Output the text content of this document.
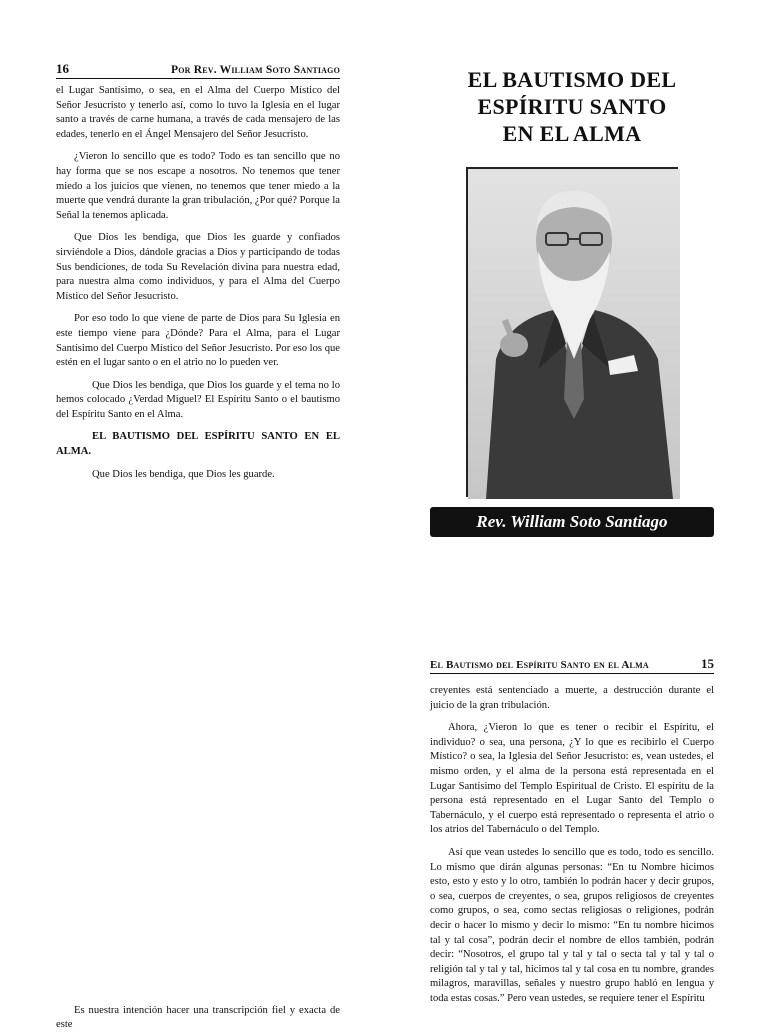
16	Por Rev. William Soto Santiago

el Lugar Santísimo, o sea, en el Alma del Cuerpo Místico del Señor Jesucristo y tenerlo así, como lo tuvo la Iglesia en el lugar santo a través de carne humana, a través de cada mensajero de las edades, tenerlo en el Ángel Mensajero del Señor Jesucristo.

¿Vieron lo sencillo que es todo? Todo es tan sencillo que no hay forma que se nos escape a nosotros. No tenemos que tener miedo a los juicios que vienen, no tenemos que tener miedo a la muerte que vendrá durante la gran tribulación, ¿Por qué? Porque la Señal la tenemos aplicada.

Que Dios les bendiga, que Dios les guarde y confiados sirviéndole a Dios, dándole gracias a Dios y participando de todas Sus bendiciones, de toda Su Revelación divina para nuestra edad, para nuestra alma como individuos, y para el Alma del Cuerpo Místico del Señor Jesucristo.

Por eso todo lo que viene de parte de Dios para Su Iglesia en este tiempo viene para ¿Dónde? Para el Alma, para el Lugar Santísimo del Cuerpo Místico del Señor Jesucristo. Por eso los que estén en el lugar santo o en el atrio no lo pueden ver.

Que Dios les bendiga, que Dios los guarde y el tema no lo hemos colocado ¿Verdad Miguel? El Espíritu Santo o el bautismo del Espíritu Santo en el Alma.

EL BAUTISMO DEL ESPÍRITU SANTO EN EL ALMA.

Que Dios les bendiga, que Dios les guarde.

Es nuestra intención hacer una transcripción fiel y exacta de este
EL BAUTISMO DEL
ESPÍRITU SANTO
EN EL ALMA
Rev. William Soto Santiago
El Bautismo del Espíritu Santo en el Alma	15

creyentes está sentenciado a muerte, a destrucción durante el juicio de la gran tribulación.

Ahora, ¿Vieron lo que es tener o recibir el Espíritu, el individuo? o sea, una persona, ¿Y lo que es recibirlo el Cuerpo Místico? o sea, la Iglesia del Señor Jesucristo: es, vean ustedes, el mismo orden, y el alma de la persona está representada en el Lugar Santísimo del Templo Espiritual de Cristo. El espíritu de la persona está representado en el Lugar Santo del Templo o Tabernáculo, y el cuerpo está representado o representa el atrio o los atrios del Tabernáculo o del Templo.

Así que vean ustedes lo sencillo que es todo, todo es sencillo. Lo mismo que dirán algunas personas: “En tu Nombre hicimos esto, esto y esto y lo otro, también lo podrán hacer y decir grupos, o sea, cuerpos de creyentes, o sea, grupos religiosos de creyentes como grupos, o sea, como sectas religiosas o religiones, podrán decir o hacer lo mismo y decir lo mismo: “En tu nombre hicimos tal y tal cosa”, podrán decir el nombre de ellos también, podrán decir: “Nosotros, el grupo tal y tal y tal o secta tal y tal y tal o religión tal y tal y tal, hicimos tal y tal cosa en tu nombre, grandes milagros, maravillas, señales y nuestro grupo habló en lengua y toda estas cosas.” Pero vean ustedes, se requiere tener el Espíritu
